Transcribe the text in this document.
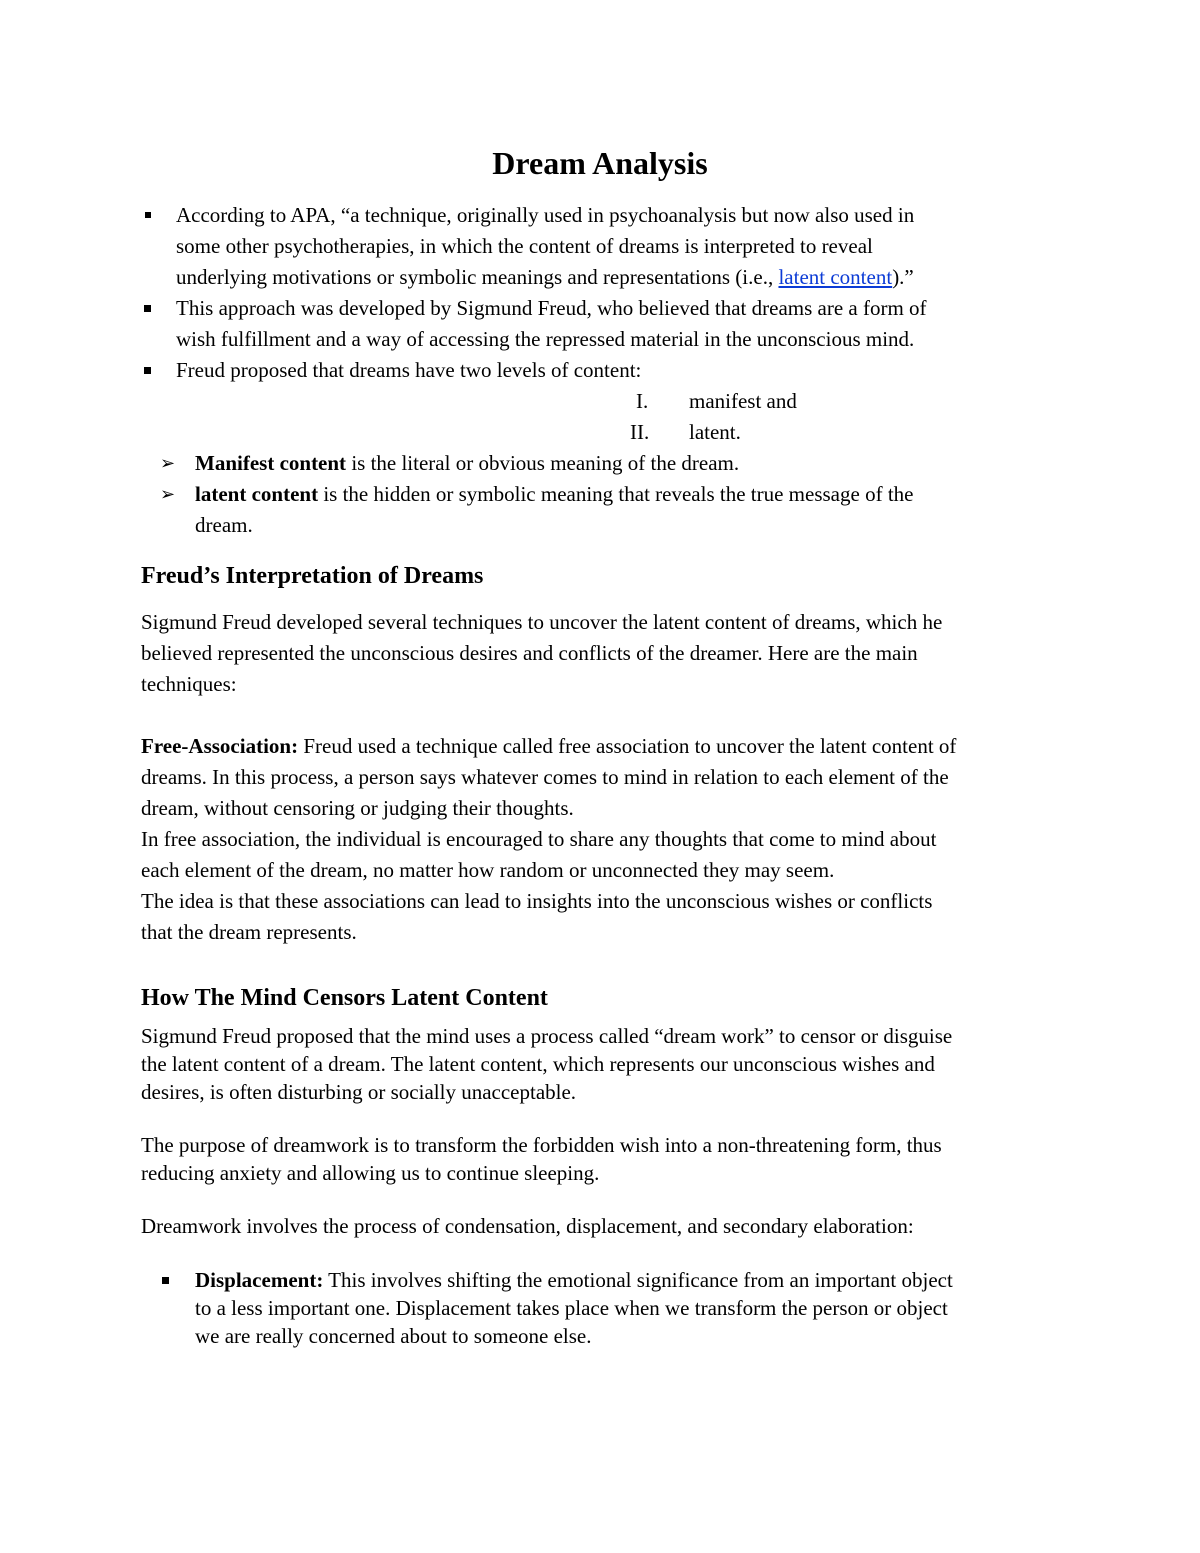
Dream Analysis
According to APA, “a technique, originally used in psychoanalysis but now also used in
some other psychotherapies, in which the content of dreams is interpreted to reveal
underlying motivations or symbolic meanings and representations (i.e., latent content).”
This approach was developed by Sigmund Freud, who believed that dreams are a form of
wish fulfillment and a way of accessing the repressed material in the unconscious mind.
Freud proposed that dreams have two levels of content:
I. manifest and
II. latent.
➢ Manifest content is the literal or obvious meaning of the dream.
➢ latent content is the hidden or symbolic meaning that reveals the true message of the
dream.
Freud’s Interpretation of Dreams
Sigmund Freud developed several techniques to uncover the latent content of dreams, which he
believed represented the unconscious desires and conflicts of the dreamer. Here are the main
techniques:
Free-Association: Freud used a technique called free association to uncover the latent content of
dreams. In this process, a person says whatever comes to mind in relation to each element of the
dream, without censoring or judging their thoughts.
In free association, the individual is encouraged to share any thoughts that come to mind about
each element of the dream, no matter how random or unconnected they may seem.
The idea is that these associations can lead to insights into the unconscious wishes or conflicts
that the dream represents.
How The Mind Censors Latent Content
Sigmund Freud proposed that the mind uses a process called “dream work” to censor or disguise
the latent content of a dream. The latent content, which represents our unconscious wishes and
desires, is often disturbing or socially unacceptable.
The purpose of dreamwork is to transform the forbidden wish into a non-threatening form, thus
reducing anxiety and allowing us to continue sleeping.
Dreamwork involves the process of condensation, displacement, and secondary elaboration:
Displacement: This involves shifting the emotional significance from an important object
to a less important one. Displacement takes place when we transform the person or object
we are really concerned about to someone else.
